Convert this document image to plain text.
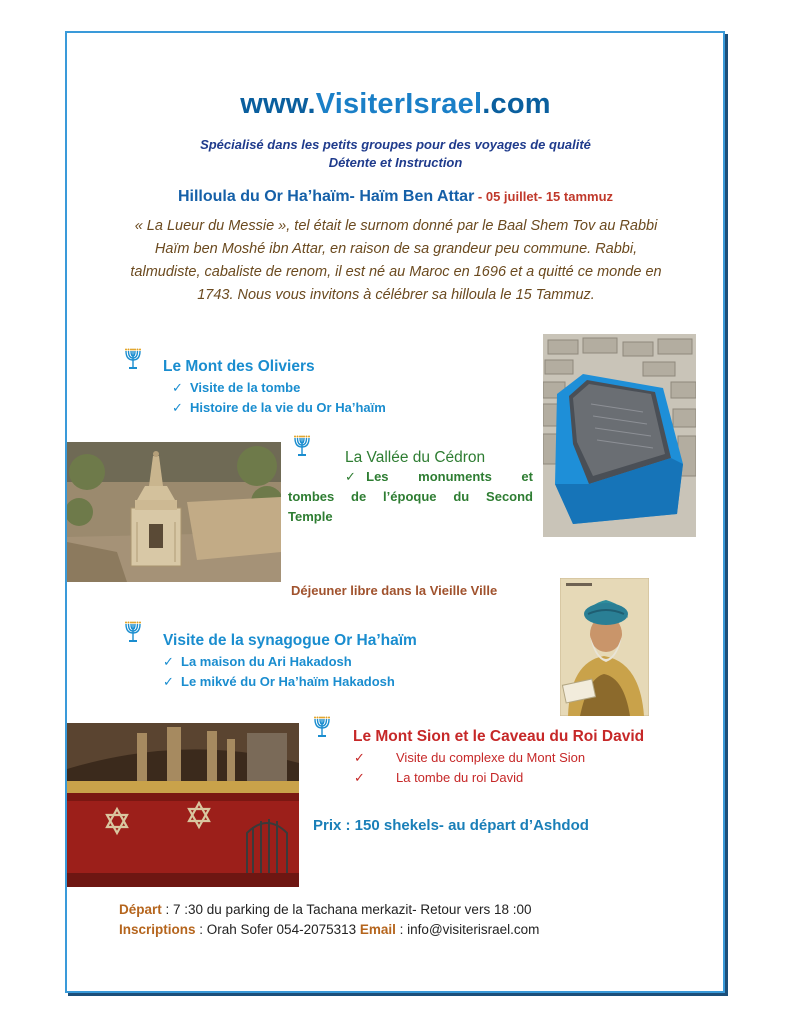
www.VisiterIsrael.com
Spécialisé dans les petits groupes pour des voyages de qualité
Détente et Instruction
Hilloula du Or Ha’haïm- Haïm Ben Attar - 05 juillet- 15 tammuz
« La Lueur du Messie », tel était le surnom donné par le Baal Shem Tov au Rabbi Haïm ben Moshé ibn Attar, en raison de sa grandeur peu commune. Rabbi, talmudiste, cabaliste de renom, il est né au Maroc en 1696 et a quitté ce monde en 1743. Nous vous invitons à célébrer sa hilloula le 15 Tammuz.
Le Mont des Oliviers
✓ Visite de la tombe
✓ Histoire de la vie du Or Ha’haïm
La Vallée du Cédron
✓ Les monuments et
tombes de l’époque du Second
Temple
Déjeuner libre dans la Vieille Ville
Visite de la synagogue Or Ha’haïm
✓ La maison du Ari Hakadosh
✓ Le mikvé du Or Ha’haïm Hakadosh
Le Mont Sion et le Caveau du Roi David
✓ Visite du complexe du Mont Sion
✓ La tombe du roi David
Prix : 150 shekels- au départ d’Ashdod
Départ : 7 :30 du parking de la Tachana merkazit- Retour vers 18 :00
Inscriptions : Orah Sofer 054-2075313 Email : info@visiterisrael.com
